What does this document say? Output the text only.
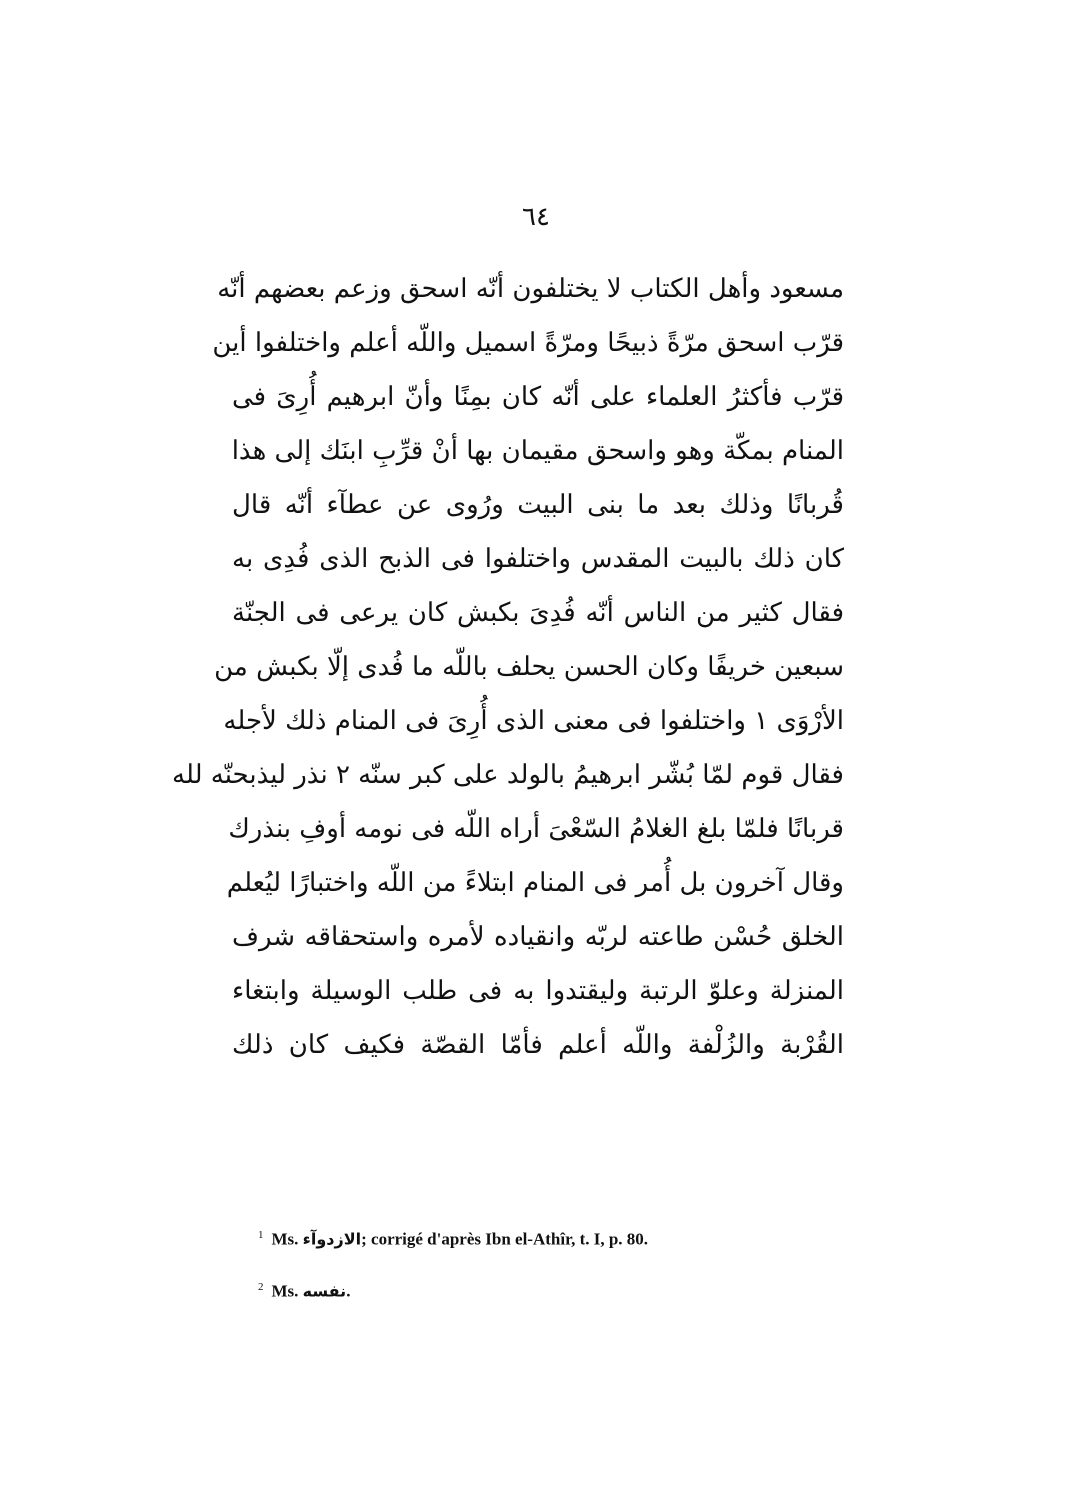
٦٤
مسعود وأهل الكتاب لا يختلفون أنّه اسحق وزعم بعضهم أنّه
قرّب اسحق مرّةً ذبيحًا ومرّةً اسميل واللّه أعلم واختلفوا أين
قرّب فأكثرُ العلماء على أنّه كان بمِنًا وأنّ ابرهيم أُرِىَ فى
المنام بمكّة وهو واسحق مقيمان بها أنْ قرِّبِ ابنَك إلى هذا
قُربانًا وذلك بعد ما بنى البيت ورُوى عن عطآء أنّه قال
كان ذلك بالبيت المقدس واختلفوا فى الذبح الذى فُدِى به
فقال كثير من الناس أنّه فُدِىَ بكبش كان يرعى فى الجنّة
سبعين خريفًا وكان الحسن يحلف باللّه ما فُدى إلّا بكبش من
الأرْوَى ١ واختلفوا فى معنى الذى أُرِىَ فى المنام ذلك لأجله
فقال قوم لمّا بُشّر ابرهيمُ بالولد على كبر سنّه ٢ نذر ليذبحنّه لله
قربانًا فلمّا بلغ الغلامُ السّعْىَ أراه اللّه فى نومه أوفِ بنذرك
وقال آخرون بل أُمر فى المنام ابتلاءً من اللّه واختبارًا ليُعلم
الخلق حُسْن طاعته لربّه وانقياده لأمره واستحقاقه شرف
المنزلة وعلوّ الرتبة وليقتدوا به فى طلب الوسيلة وابتغاء
القُرْبة والزُلْفة واللّه أعلم فأمّا القصّة فكيف كان ذلك
$^1$ Ms. الازدوآء; corrigé d'après Ibn el-Athîr, t. I, p. 80.
$^2$ Ms. نفسه.
